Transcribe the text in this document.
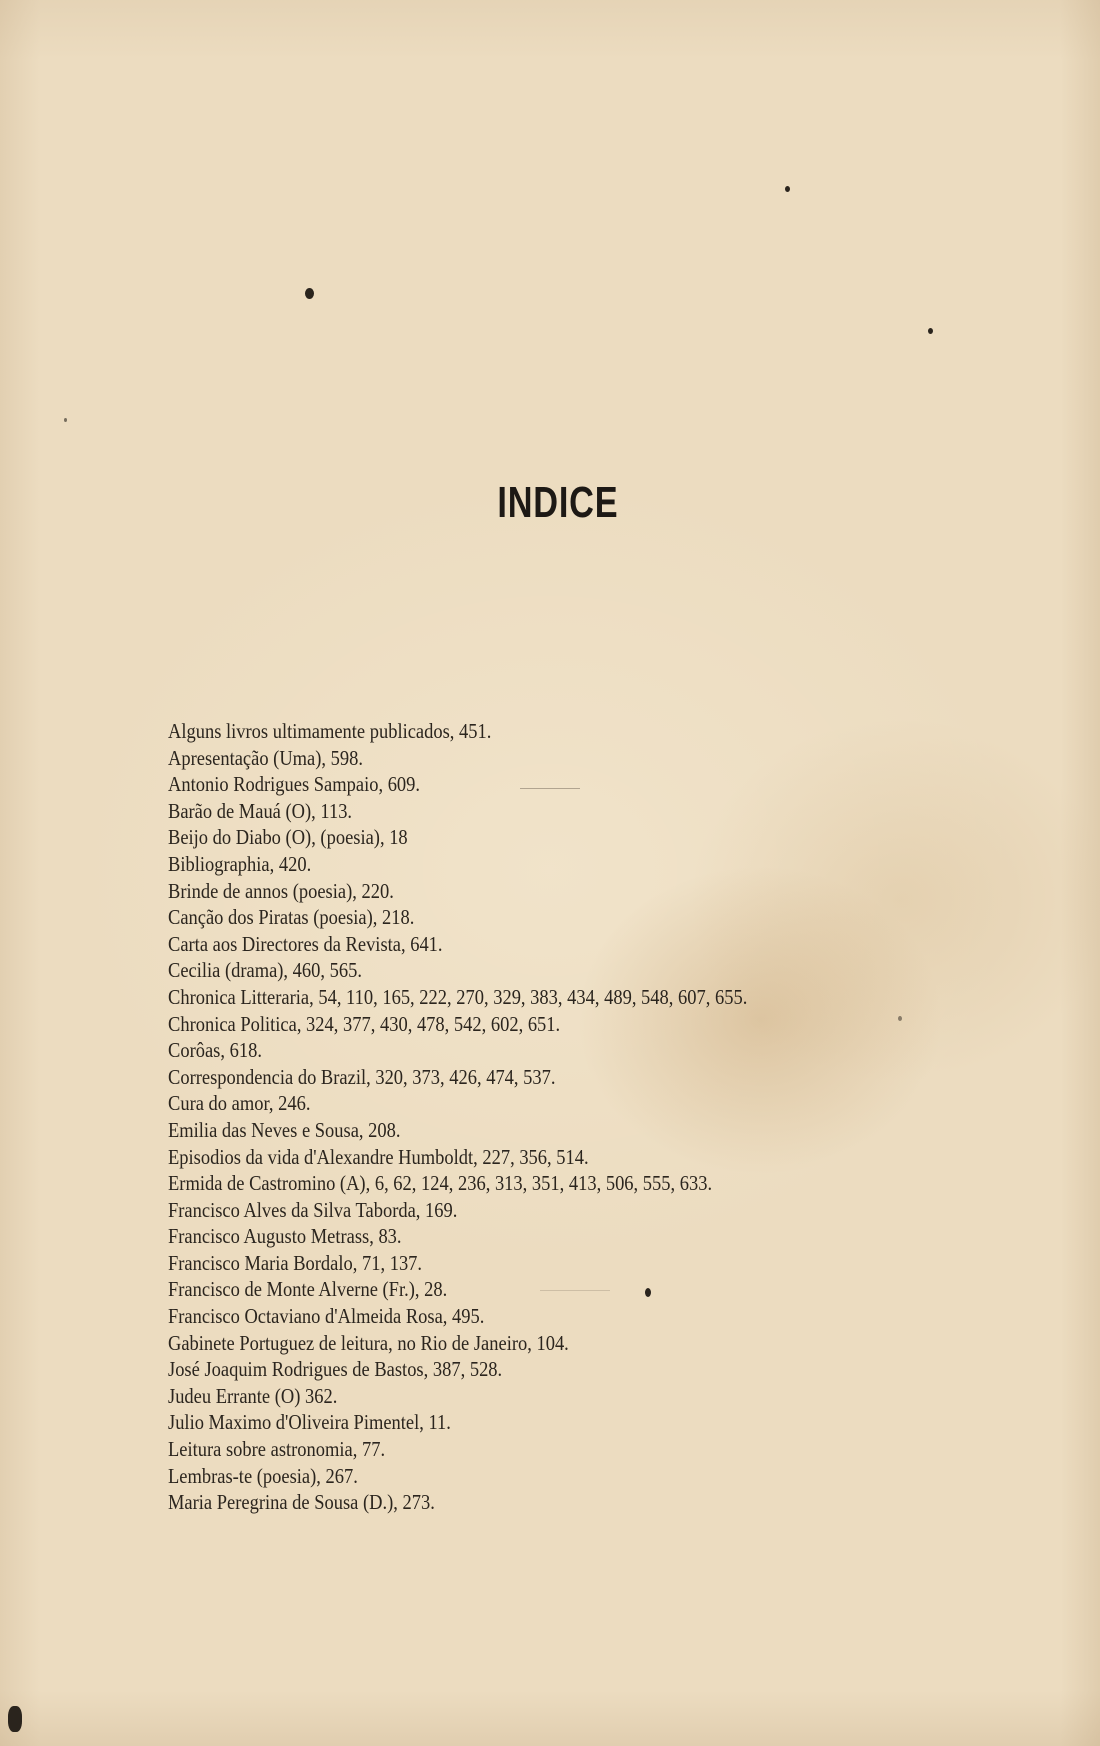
INDICE
Alguns livros ultimamente publicados, 451.
Apresentação (Uma), 598.
Antonio Rodrigues Sampaio, 609.
Barão de Mauá (O), 113.
Beijo do Diabo (O), (poesia), 18
Bibliographia, 420.
Brinde de annos (poesia), 220.
Canção dos Piratas (poesia), 218.
Carta aos Directores da Revista, 641.
Cecilia (drama), 460, 565.
Chronica Litteraria, 54, 110, 165, 222, 270, 329, 383, 434, 489, 548, 607, 655.
Chronica Politica, 324, 377, 430, 478, 542, 602, 651.
Corôas, 618.
Correspondencia do Brazil, 320, 373, 426, 474, 537.
Cura do amor, 246.
Emilia das Neves e Sousa, 208.
Episodios da vida d'Alexandre Humboldt, 227, 356, 514.
Ermida de Castromino (A), 6, 62, 124, 236, 313, 351, 413, 506, 555, 633.
Francisco Alves da Silva Taborda, 169.
Francisco Augusto Metrass, 83.
Francisco Maria Bordalo, 71, 137.
Francisco de Monte Alverne (Fr.), 28.
Francisco Octaviano d'Almeida Rosa, 495.
Gabinete Portuguez de leitura, no Rio de Janeiro, 104.
José Joaquim Rodrigues de Bastos, 387, 528.
Judeu Errante (O) 362.
Julio Maximo d'Oliveira Pimentel, 11.
Leitura sobre astronomia, 77.
Lembras-te (poesia), 267.
Maria Peregrina de Sousa (D.), 273.
